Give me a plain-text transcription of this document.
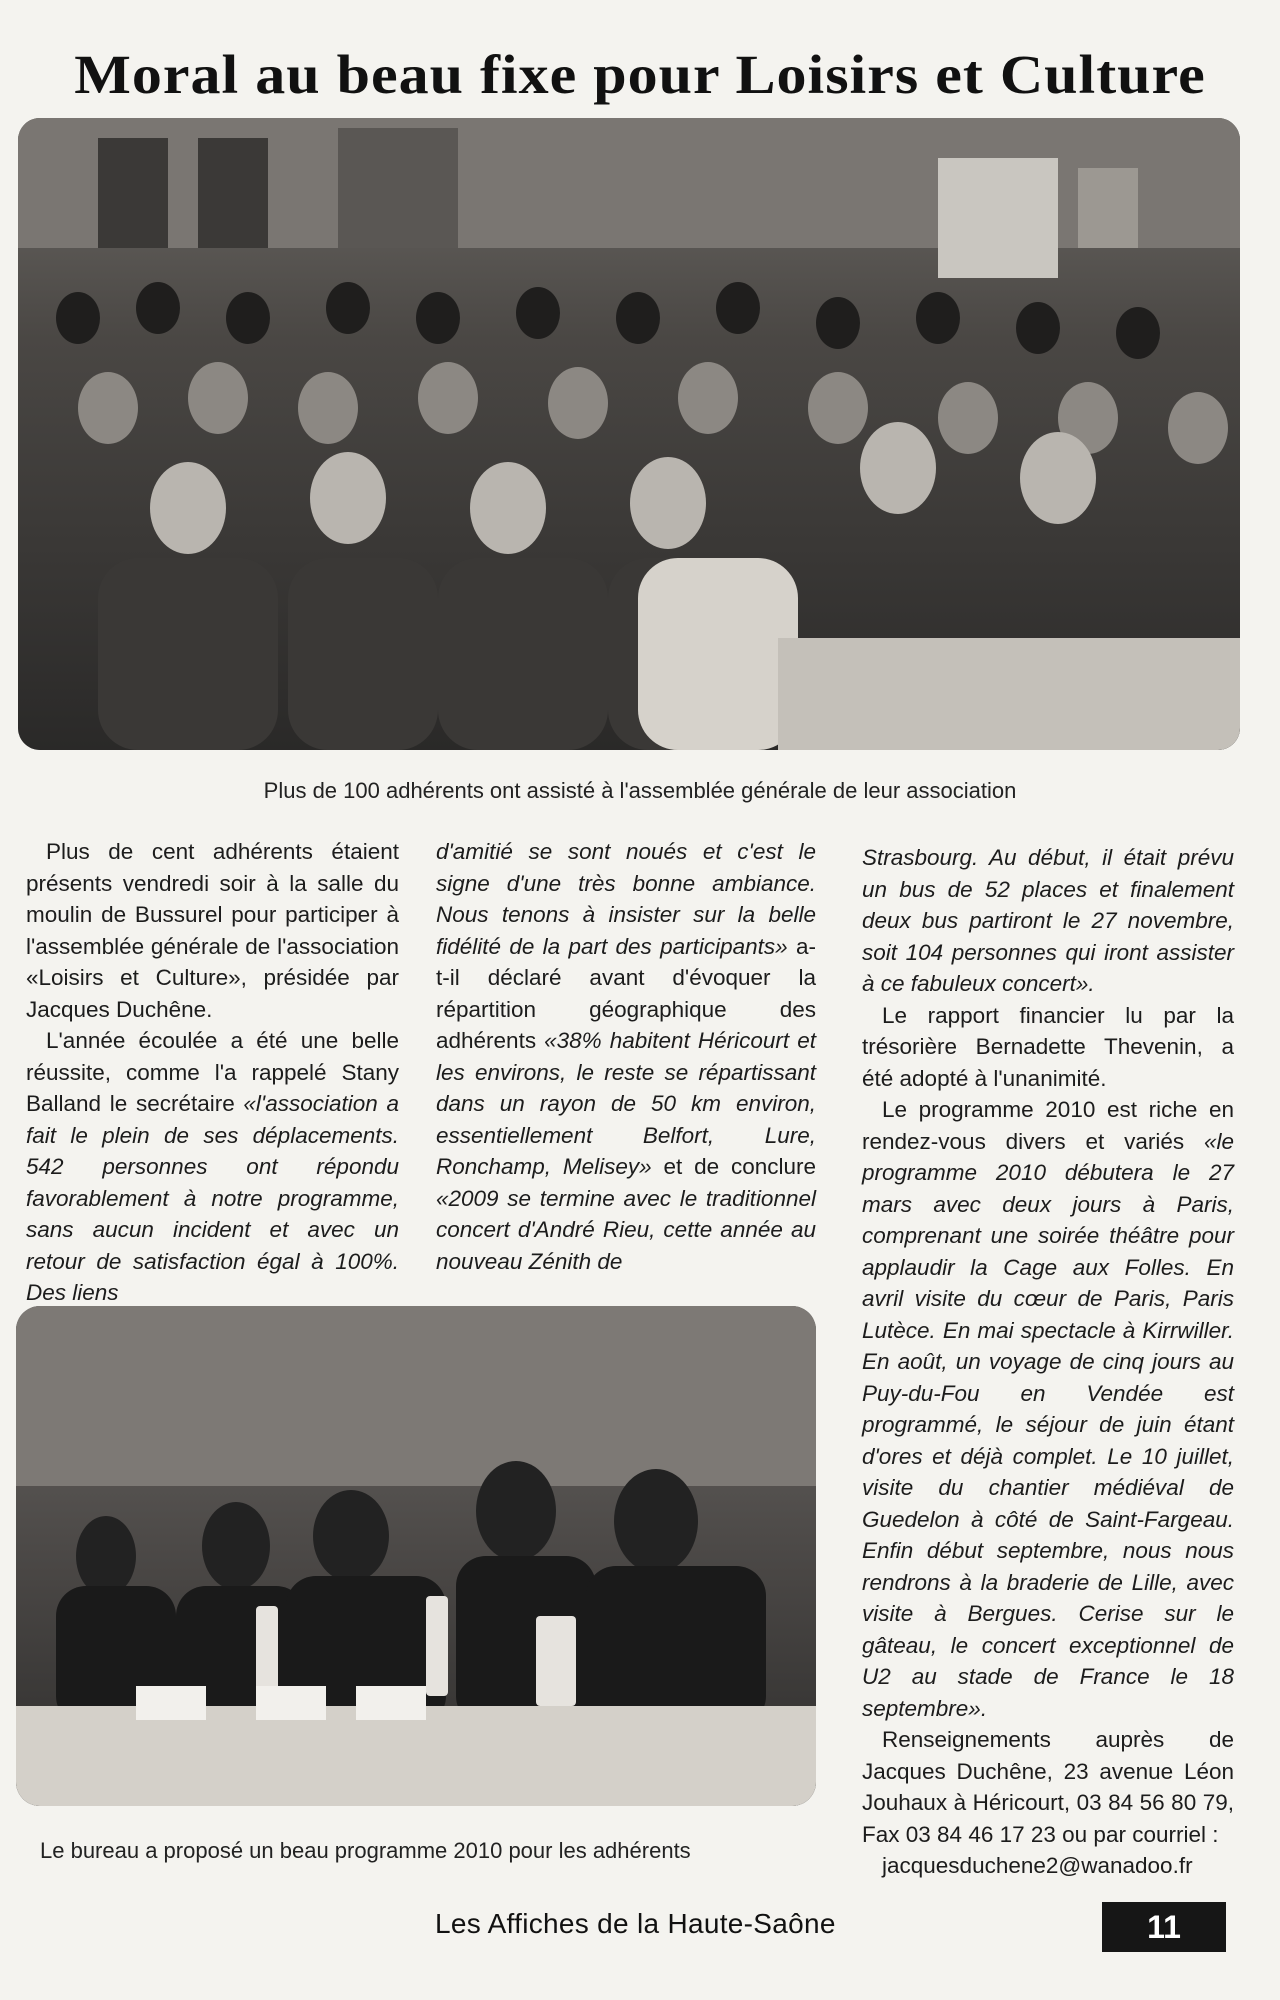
Moral au beau fixe pour Loisirs et Culture
Plus de 100 adhérents ont assisté à l'assemblée générale de leur association

Plus de cent adhérents étaient présents vendredi soir à la salle du moulin de Bussurel pour participer à l'assemblée générale de l'association «Loisirs et Culture», présidée par Jacques Duchêne.

L'année écoulée a été une belle réussite, comme l'a rappelé Stany Balland le secrétaire «l'association a fait le plein de ses déplacements. 542 personnes ont répondu favorablement à notre programme, sans aucun incident et avec un retour de satisfaction égal à 100%. Des liens

d'amitié se sont noués et c'est le signe d'une très bonne ambiance. Nous tenons à insister sur la belle fidélité de la part des participants» a-t-il déclaré avant d'évoquer la répartition géographique des adhérents «38% habitent Héricourt et les environs, le reste se répartissant dans un rayon de 50 km environ, essentiellement Belfort, Lure, Ronchamp, Melisey» et de conclure «2009 se termine avec le traditionnel concert d'André Rieu, cette année au nouveau Zénith de

Strasbourg. Au début, il était prévu un bus de 52 places et finalement deux bus partiront le 27 novembre, soit 104 personnes qui iront assister à ce fabuleux concert».

Le rapport financier lu par la trésorière Bernadette Thevenin, a été adopté à l'unanimité.

Le programme 2010 est riche en rendez-vous divers et variés «le programme 2010 débutera le 27 mars avec deux jours à Paris, comprenant une soirée théâtre pour applaudir la Cage aux Folles. En avril visite du cœur de Paris, Paris Lutèce. En mai spectacle à Kirrwiller. En août, un voyage de cinq jours au Puy-du-Fou en Vendée est programmé, le séjour de juin étant d'ores et déjà complet. Le 10 juillet, visite du chantier médiéval de Guedelon à côté de Saint-Fargeau. Enfin début septembre, nous nous rendrons à la braderie de Lille, avec visite à Bergues. Cerise sur le gâteau, le concert exceptionnel de U2 au stade de France le 18 septembre».

Renseignements auprès de Jacques Duchêne, 23 avenue Léon Jouhaux à Héricourt, 03 84 56 80 79, Fax 03 84 46 17 23 ou par courriel :

jacquesduchene2@wanadoo.fr

Le bureau a proposé un beau programme 2010 pour les adhérents
Les Affiches de la Haute-Saône	11
